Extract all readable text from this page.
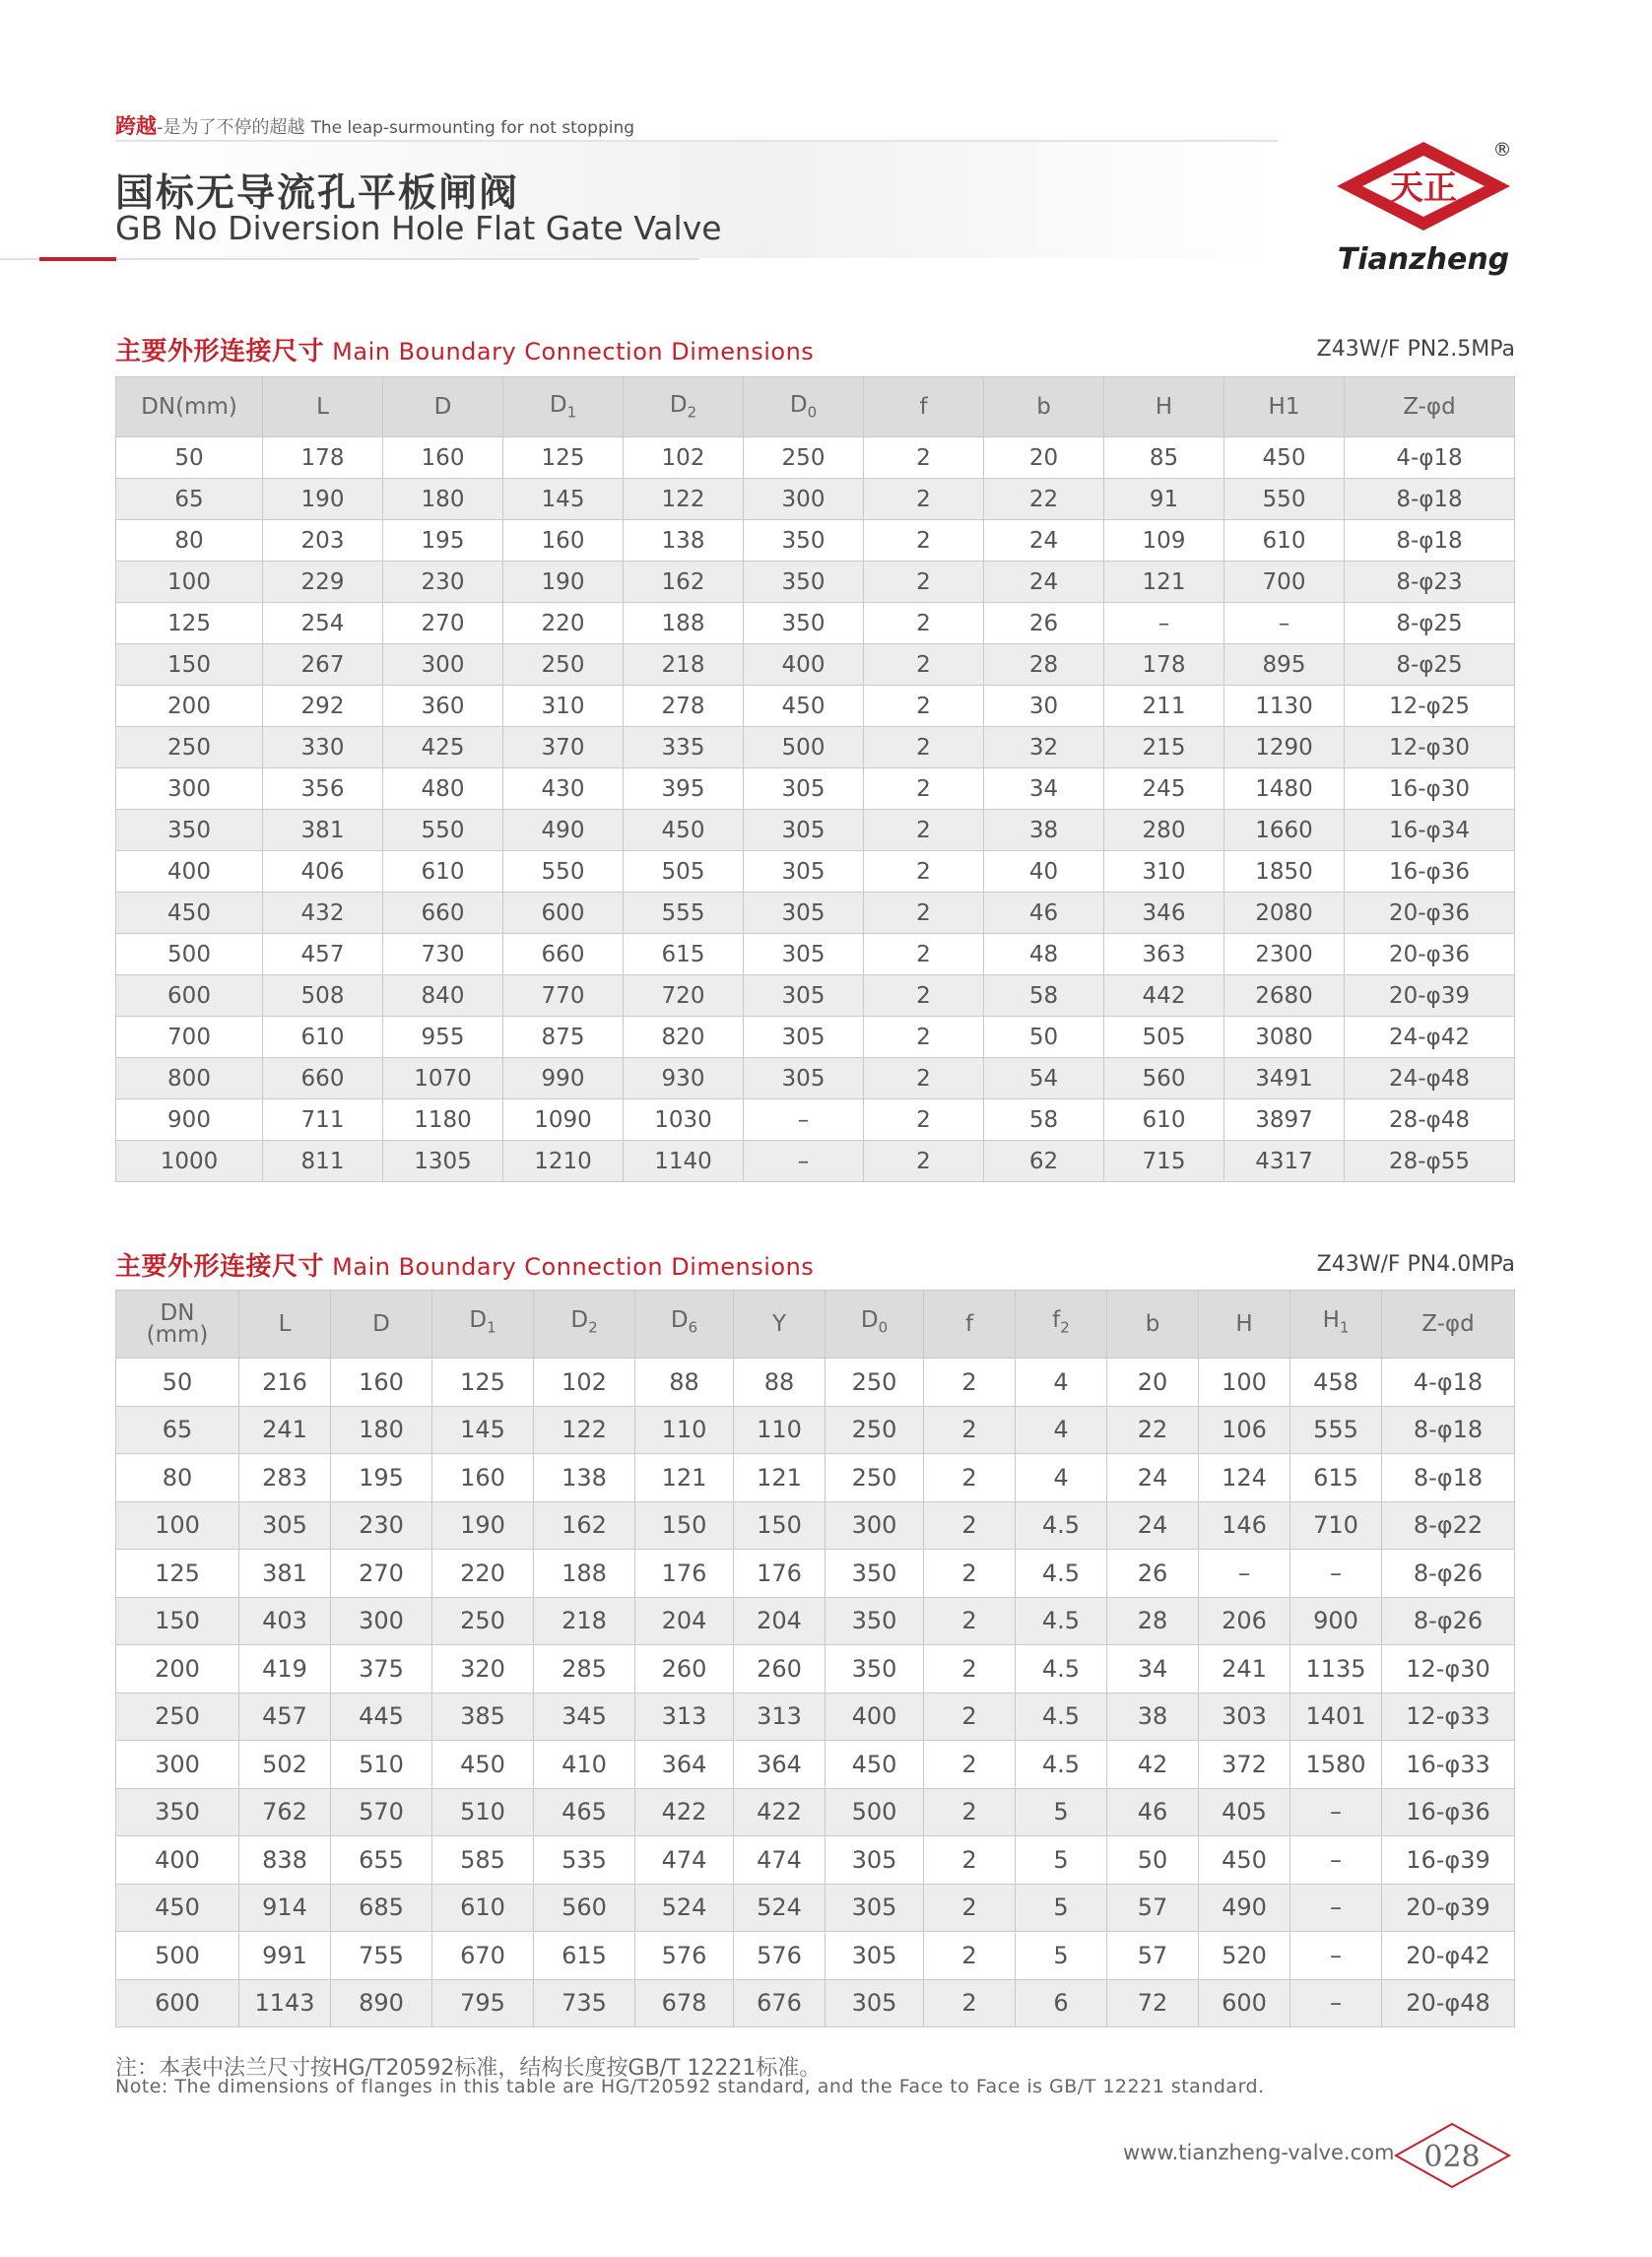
跨越-是为了不停的超越 The leap-surmounting for not stopping
国标无导流孔平板闸阀
GB No Diversion Hole Flat Gate Valve
天正
®
Tianzheng
主要外形连接尺寸 Main Boundary Connection Dimensions	Z43W/F PN2.5MPa
DN(mm)	L	D	$D_1$	$D_2$	$D_0$	f	b	H	H1	Z-φd
50	178	160	125	102	250	2	20	85	450	4-φ18
65	190	180	145	122	300	2	22	91	550	8-φ18
80	203	195	160	138	350	2	24	109	610	8-φ18
100	229	230	190	162	350	2	24	121	700	8-φ23
125	254	270	220	188	350	2	26	–	–	8-φ25
150	267	300	250	218	400	2	28	178	895	8-φ25
200	292	360	310	278	450	2	30	211	1130	12-φ25
250	330	425	370	335	500	2	32	215	1290	12-φ30
300	356	480	430	395	305	2	34	245	1480	16-φ30
350	381	550	490	450	305	2	38	280	1660	16-φ34
400	406	610	550	505	305	2	40	310	1850	16-φ36
450	432	660	600	555	305	2	46	346	2080	20-φ36
500	457	730	660	615	305	2	48	363	2300	20-φ36
600	508	840	770	720	305	2	58	442	2680	20-φ39
700	610	955	875	820	305	2	50	505	3080	24-φ42
800	660	1070	990	930	305	2	54	560	3491	24-φ48
900	711	1180	1090	1030	–	2	58	610	3897	28-φ48
1000	811	1305	1210	1140	–	2	62	715	4317	28-φ55
主要外形连接尺寸 Main Boundary Connection Dimensions	Z43W/F PN4.0MPa
DN
(mm)	L	D	$D_1$	$D_2$	$D_6$	Y	$D_0$	f	$f_2$	b	H	$H_1$	Z-φd
50	216	160	125	102	88	88	250	2	4	20	100	458	4-φ18
65	241	180	145	122	110	110	250	2	4	22	106	555	8-φ18
80	283	195	160	138	121	121	250	2	4	24	124	615	8-φ18
100	305	230	190	162	150	150	300	2	4.5	24	146	710	8-φ22
125	381	270	220	188	176	176	350	2	4.5	26	–	–	8-φ26
150	403	300	250	218	204	204	350	2	4.5	28	206	900	8-φ26
200	419	375	320	285	260	260	350	2	4.5	34	241	1135	12-φ30
250	457	445	385	345	313	313	400	2	4.5	38	303	1401	12-φ33
300	502	510	450	410	364	364	450	2	4.5	42	372	1580	16-φ33
350	762	570	510	465	422	422	500	2	5	46	405	–	16-φ36
400	838	655	585	535	474	474	305	2	5	50	450	–	16-φ39
450	914	685	610	560	524	524	305	2	5	57	490	–	20-φ39
500	991	755	670	615	576	576	305	2	5	57	520	–	20-φ42
600	1143	890	795	735	678	676	305	2	6	72	600	–	20-φ48
注：本表中法兰尺寸按HG/T20592标准，结构长度按GB/T 12221标准。
Note: The dimensions of flanges in this table are HG/T20592 standard, and the Face to Face is GB/T 12221 standard.
www.tianzheng-valve.com 028
